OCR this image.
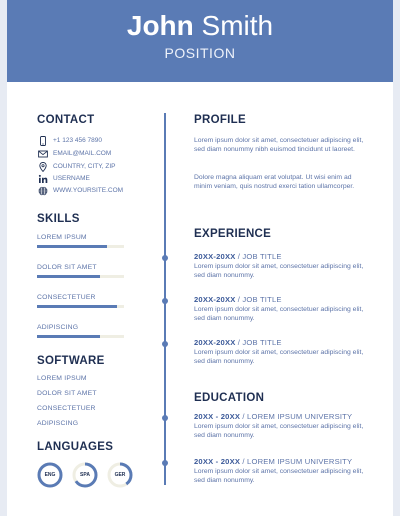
John Smith
POSITION
CONTACT
+1 123 456 7890
EMAIL@MAIL.COM
COUNTRY, CITY, ZIP
USERNAME
WWW.YOURSITE.COM
SKILLS
LOREM IPSUM
DOLOR SIT AMET
CONSECTETUER
ADIPISCING
SOFTWARE
LOREM IPSUM
DOLOR SIT AMET
CONSECTETUER
ADIPISCING
LANGUAGES
ENG	SPA	GER
PROFILE
Lorem ipsum dolor sit amet, consectetuer adipiscing elit, sed diam nonummy nibh euismod tincidunt ut laoreet.
Dolore magna aliquam erat volutpat. Ut wisi enim ad minim veniam, quis nostrud exerci tation ullamcorper.
EXPERIENCE
20XX-20XX / JOB TITLE
Lorem ipsum dolor sit amet, consectetuer adipiscing elit, sed diam nonummy.
20XX-20XX / JOB TITLE
Lorem ipsum dolor sit amet, consectetuer adipiscing elit, sed diam nonummy.
20XX-20XX / JOB TITLE
Lorem ipsum dolor sit amet, consectetuer adipiscing elit, sed diam nonummy.
EDUCATION
20XX - 20XX / LOREM IPSUM UNIVERSITY
Lorem ipsum dolor sit amet, consectetuer adipiscing elit, sed diam nonummy.
20XX - 20XX / LOREM IPSUM UNIVERSITY
Lorem ipsum dolor sit amet, consectetuer adipiscing elit, sed diam nonummy.
